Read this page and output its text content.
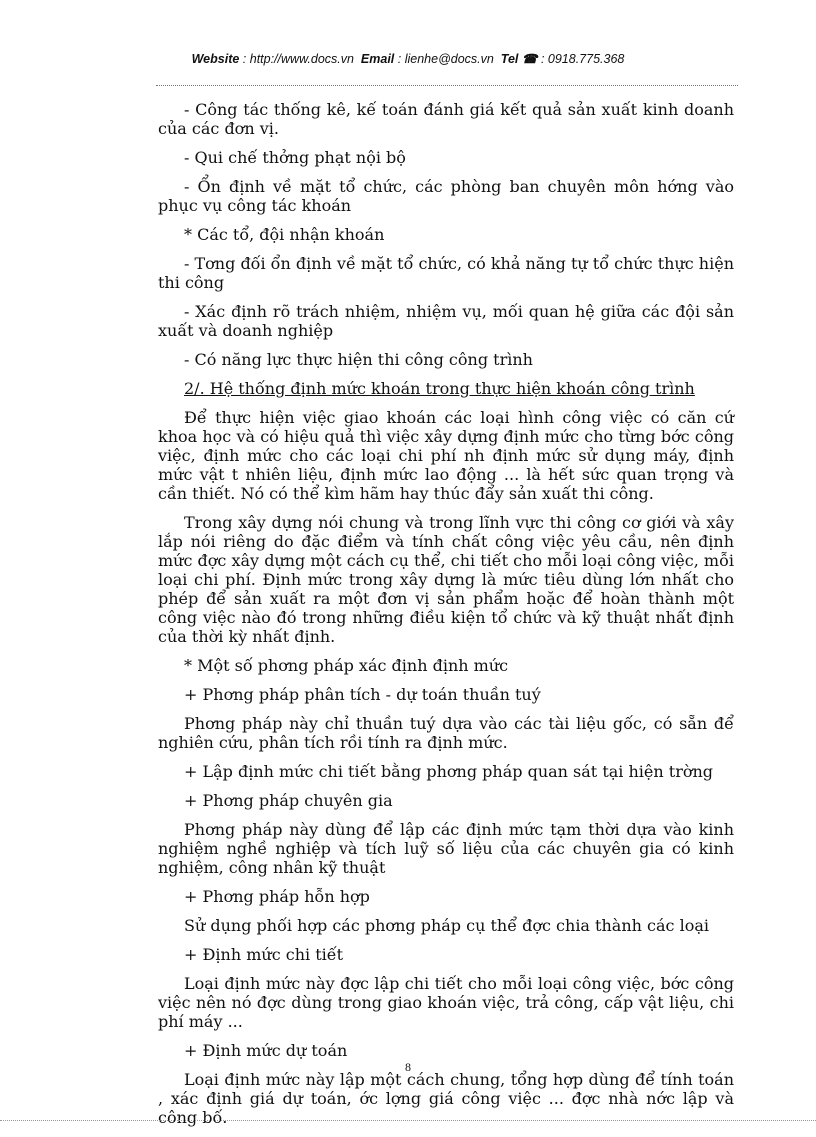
Website : http://www.docs.vn Email : lienhe@docs.vn Tel ☎ : 0918.775.368

- Công tác thống kê, kế toán đánh giá kết quả sản xuất kinh doanh của các đơn vị.

- Qui chế thởng phạt nội bộ

- Ổn định về mặt tổ chức, các phòng ban chuyên môn hớng vào phục vụ công tác khoán

* Các tổ, đội nhận khoán

- Tơng đối ổn định về mặt tổ chức, có khả năng tự tổ chức thực hiện thi công

- Xác định rõ trách nhiệm, nhiệm vụ, mối quan hệ giữa các đội sản xuất và doanh nghiệp

- Có năng lực thực hiện thi công công trình

2/. Hệ thống định mức khoán trong thực hiện khoán công trình

Để thực hiện việc giao khoán các loại hình công việc có căn cứ khoa học và có hiệu quả thì việc xây dựng định mức cho từng bớc công việc, định mức cho các loại chi phí nh định mức sử dụng máy, định mức vật t nhiên liệu, định mức lao động ... là hết sức quan trọng và cần thiết. Nó có thể kìm hãm hay thúc đẩy sản xuất thi công.

Trong xây dựng nói chung và trong lĩnh vực thi công cơ giới và xây lắp nói riêng do đặc điểm và tính chất công việc yêu cầu, nên định mức đợc xây dựng một cách cụ thể, chi tiết cho mỗi loại công việc, mỗi loại chi phí. Định mức trong xây dựng là mức tiêu dùng lớn nhất cho phép để sản xuất ra một đơn vị sản phẩm hoặc để hoàn thành một công việc nào đó trong những điều kiện tổ chức và kỹ thuật nhất định của thời kỳ nhất định.

* Một số phơng pháp xác định định mức

+ Phơng pháp phân tích - dự toán thuần tuý

Phơng pháp này chỉ thuần tuý dựa vào các tài liệu gốc, có sẵn để nghiên cứu, phân tích rồi tính ra định mức.

+ Lập định mức chi tiết bằng phơng pháp quan sát tại hiện trờng

+ Phơng pháp chuyên gia

Phơng pháp này dùng để lập các định mức tạm thời dựa vào kinh nghiệm nghề nghiệp và tích luỹ số liệu của các chuyên gia có kinh nghiệm, công nhân kỹ thuật

+ Phơng pháp hỗn hợp

Sử dụng phối hợp các phơng pháp cụ thể đợc chia thành các loại

+ Định mức chi tiết

Loại định mức này đợc lập chi tiết cho mỗi loại công việc, bớc công việc nên nó đợc dùng trong giao khoán việc, trả công, cấp vật liệu, chi phí máy ...

+ Định mức dự toán

Loại định mức này lập một cách chung, tổng hợp dùng để tính toán , xác định giá dự toán, ớc lợng giá công việc ... đợc nhà nớc lập và công bố.

8
